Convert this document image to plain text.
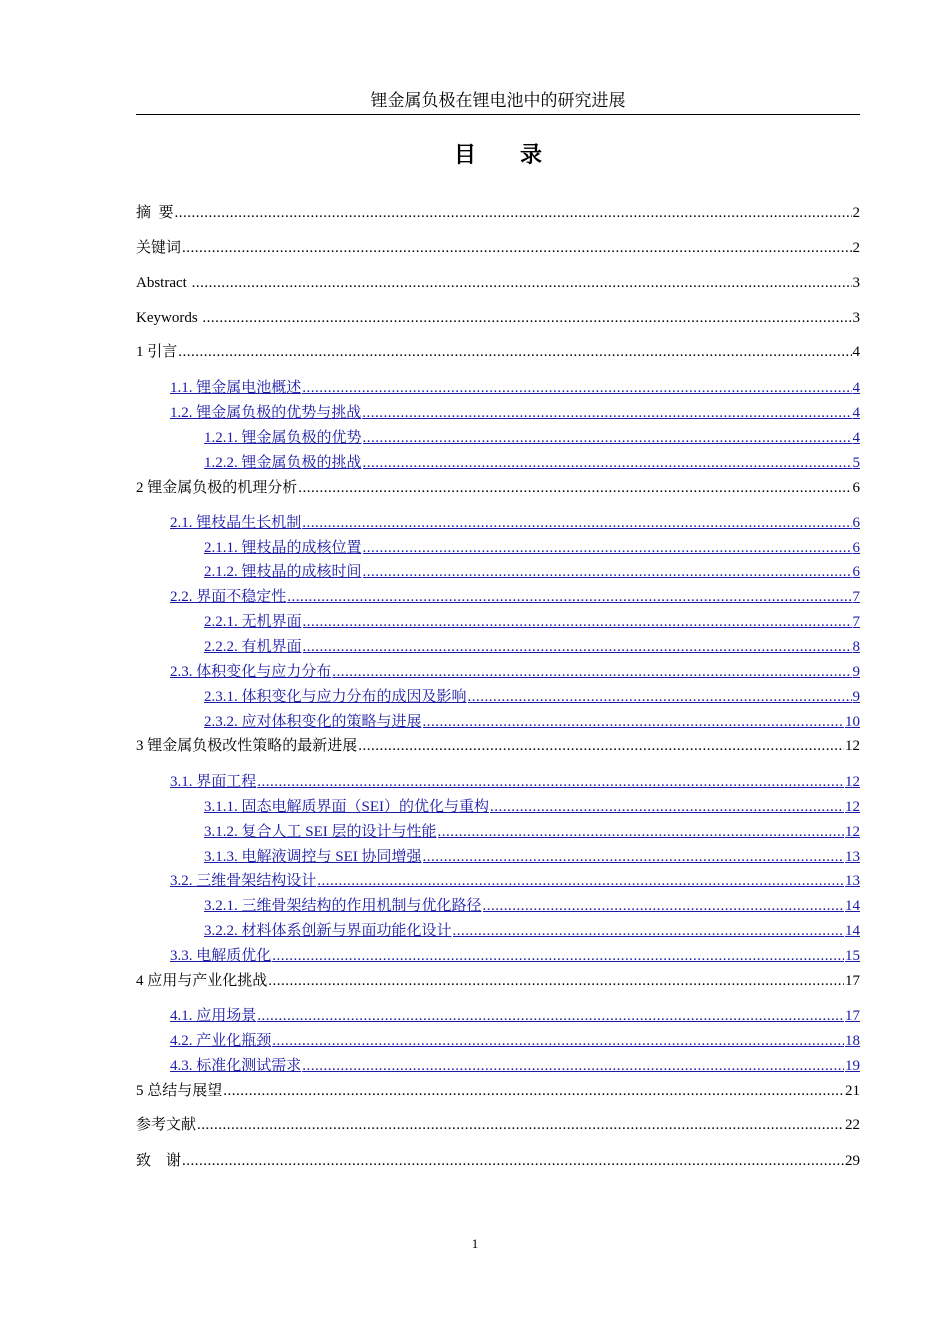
锂金属负极在锂电池中的研究进展
目录
摘  要 .....	2
关键词 .....	2
Abstract .....	3
Keywords .....	3
1 引言 .....	4
1.1. 锂金属电池概述 .....	4
1.2. 锂金属负极的优势与挑战 .....	4
1.2.1. 锂金属负极的优势 .....	4
1.2.2. 锂金属负极的挑战 .....	5
2 锂金属负极的机理分析 .....	6
2.1. 锂枝晶生长机制 .....	6
2.1.1. 锂枝晶的成核位置 .....	6
2.1.2. 锂枝晶的成核时间 .....	6
2.2. 界面不稳定性 .....	7
2.2.1. 无机界面 .....	7
2.2.2. 有机界面 .....	8
2.3. 体积变化与应力分布 .....	9
2.3.1. 体积变化与应力分布的成因及影响 .....	9
2.3.2. 应对体积变化的策略与进展 .....	10
3 锂金属负极改性策略的最新进展 .....	12
3.1. 界面工程 .....	12
3.1.1. 固态电解质界面（SEI）的优化与重构 .....	12
3.1.2. 复合人工 SEI 层的设计与性能 .....	12
3.1.3. 电解液调控与 SEI 协同增强 .....	13
3.2. 三维骨架结构设计 .....	13
3.2.1. 三维骨架结构的作用机制与优化路径 .....	14
3.2.2. 材料体系创新与界面功能化设计 .....	14
3.3. 电解质优化 .....	15
4 应用与产业化挑战 .....	17
4.1. 应用场景 .....	17
4.2. 产业化瓶颈 .....	18
4.3. 标准化测试需求 .....	19
5 总结与展望 .....	21
参考文献 .....	22
致    谢 .....	29
1
